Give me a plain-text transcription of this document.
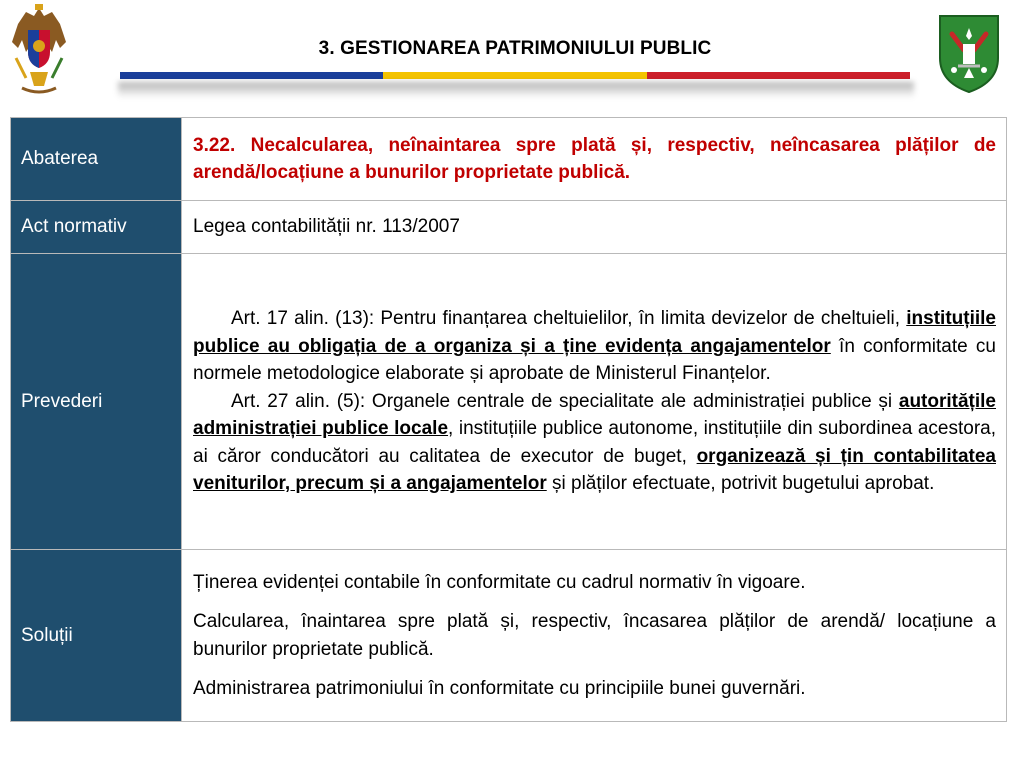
3. GESTIONAREA PATRIMONIULUI PUBLIC
Abaterea	3.22. Necalcularea, neînaintarea spre plată și, respectiv, neîncasarea plăților de arendă/locațiune a bunurilor proprietate publică.
Act normativ	Legea contabilității nr. 113/2007
Prevederi	Art. 17 alin. (13): Pentru finanțarea cheltuielilor, în limita devizelor de cheltuieli, instituțiile publice au obligația de a organiza și a ține evidența angajamentelor în conformitate cu normele metodologice elaborate și aprobate de Ministerul Finanțelor.

Art. 27 alin. (5): Organele centrale de specialitate ale administrației publice și autoritățile administrației publice locale, instituțiile publice autonome, instituțiile din subordinea acestora, ai căror conducători au calitatea de executor de buget, organizează și țin contabilitatea veniturilor, precum și a angajamentelor și plăților efectuate, potrivit bugetului aprobat.

Soluții	Ținerea evidenței contabile în conformitate cu cadrul normativ în vigoare.

Calcularea, înaintarea spre plată și, respectiv, încasarea plăților de arendă/ locațiune a bunurilor proprietate publică.

Administrarea patrimoniului în conformitate cu principiile bunei guvernări.
